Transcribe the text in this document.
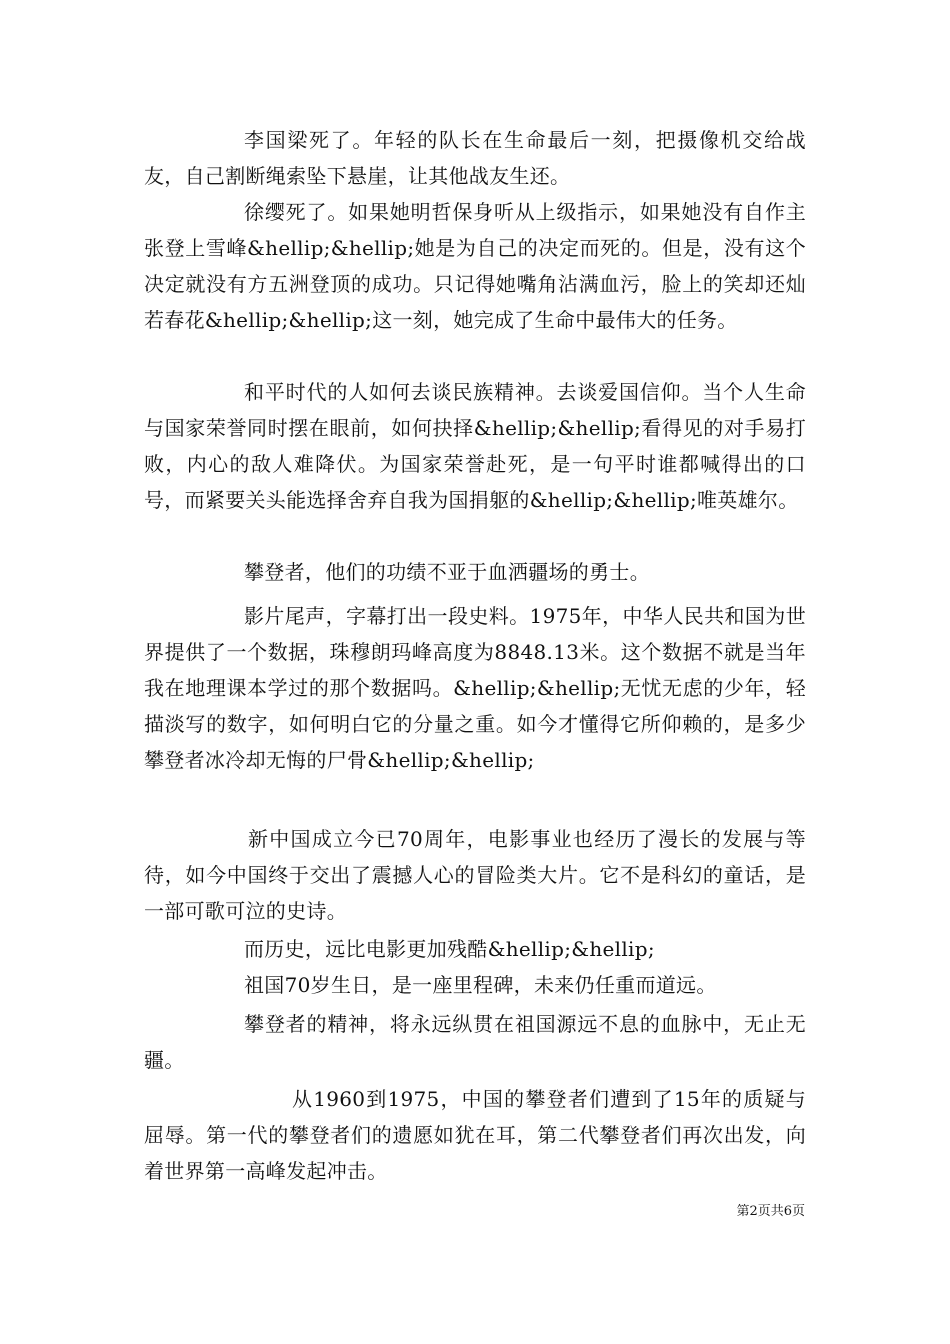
李国梁死了。年轻的队长在生命最后一刻，把摄像机交给战友，自己割断绳索坠下悬崖，让其他战友生还。

徐缨死了。如果她明哲保身听从上级指示，如果她没有自作主张登上雪峰&hellip;&hellip;她是为自己的决定而死的。但是，没有这个决定就没有方五洲登顶的成功。只记得她嘴角沾满血污，脸上的笑却还灿若春花&hellip;&hellip;这一刻，她完成了生命中最伟大的任务。

和平时代的人如何去谈民族精神。去谈爱国信仰。当个人生命与国家荣誉同时摆在眼前，如何抉择&hellip;&hellip;看得见的对手易打败，内心的敌人难降伏。为国家荣誉赴死，是一句平时谁都喊得出的口号，而紧要关头能选择舍弃自我为国捐躯的&hellip;&hellip;唯英雄尔。

攀登者，他们的功绩不亚于血洒疆场的勇士。

影片尾声，字幕打出一段史料。1975年，中华人民共和国为世界提供了一个数据，珠穆朗玛峰高度为8848.13米。这个数据不就是当年我在地理课本学过的那个数据吗。&hellip;&hellip;无忧无虑的少年，轻描淡写的数字，如何明白它的分量之重。如今才懂得它所仰赖的，是多少攀登者冰冷却无悔的尸骨&hellip;&hellip;

新中国成立今已70周年，电影事业也经历了漫长的发展与等待，如今中国终于交出了震撼人心的冒险类大片。它不是科幻的童话，是一部可歌可泣的史诗。

而历史，远比电影更加残酷&hellip;&hellip;

祖国70岁生日，是一座里程碑，未来仍任重而道远。

攀登者的精神，将永远纵贯在祖国源远不息的血脉中，无止无疆。

从1960到1975，中国的攀登者们遭到了15年的质疑与屈辱。第一代的攀登者们的遗愿如犹在耳，第二代攀登者们再次出发，向着世界第一高峰发起冲击。

第2页共6页
